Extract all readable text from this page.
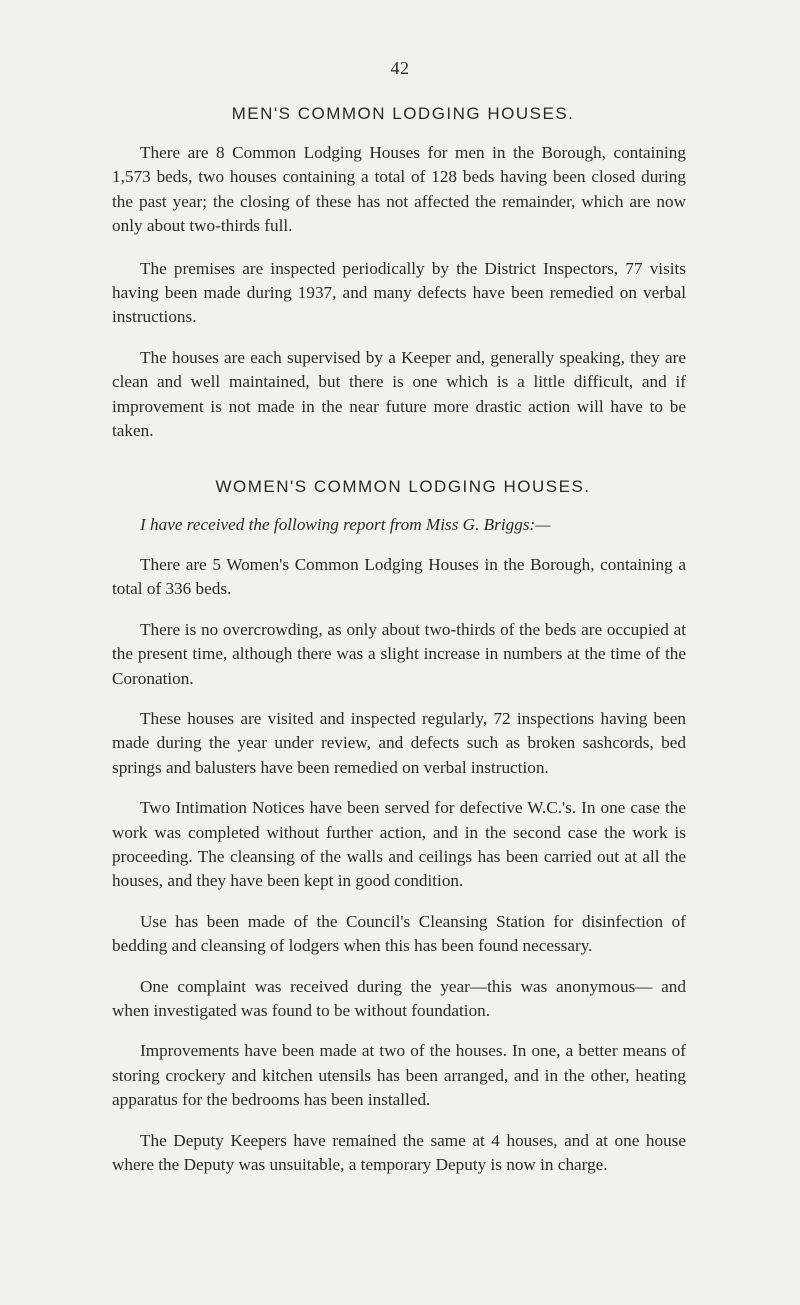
42
MEN'S COMMON LODGING HOUSES.

There are 8 Common Lodging Houses for men in the Borough, containing 1,573 beds, two houses containing a total of 128 beds having been closed during the past year; the closing of these has not affected the remainder, which are now only about two-thirds full.

The premises are inspected periodically by the District Inspectors, 77 visits having been made during 1937, and many defects have been remedied on verbal instructions.

The houses are each supervised by a Keeper and, generally speaking, they are clean and well maintained, but there is one which is a little difficult, and if improvement is not made in the near future more drastic action will have to be taken.

WOMEN'S COMMON LODGING HOUSES.

I have received the following report from Miss G. Briggs:—

There are 5 Women's Common Lodging Houses in the Borough, containing a total of 336 beds.

There is no overcrowding, as only about two-thirds of the beds are occupied at the present time, although there was a slight increase in numbers at the time of the Coronation.

These houses are visited and inspected regularly, 72 inspections having been made during the year under review, and defects such as broken sashcords, bed springs and balusters have been remedied on verbal instruction.

Two Intimation Notices have been served for defective W.C.'s. In one case the work was completed without further action, and in the second case the work is proceeding. The cleansing of the walls and ceilings has been carried out at all the houses, and they have been kept in good condition.

Use has been made of the Council's Cleansing Station for disinfection of bedding and cleansing of lodgers when this has been found necessary.

One complaint was received during the year—this was anonymous— and when investigated was found to be without foundation.

Improvements have been made at two of the houses. In one, a better means of storing crockery and kitchen utensils has been arranged, and in the other, heating apparatus for the bedrooms has been installed.

The Deputy Keepers have remained the same at 4 houses, and at one house where the Deputy was unsuitable, a temporary Deputy is now in charge.
